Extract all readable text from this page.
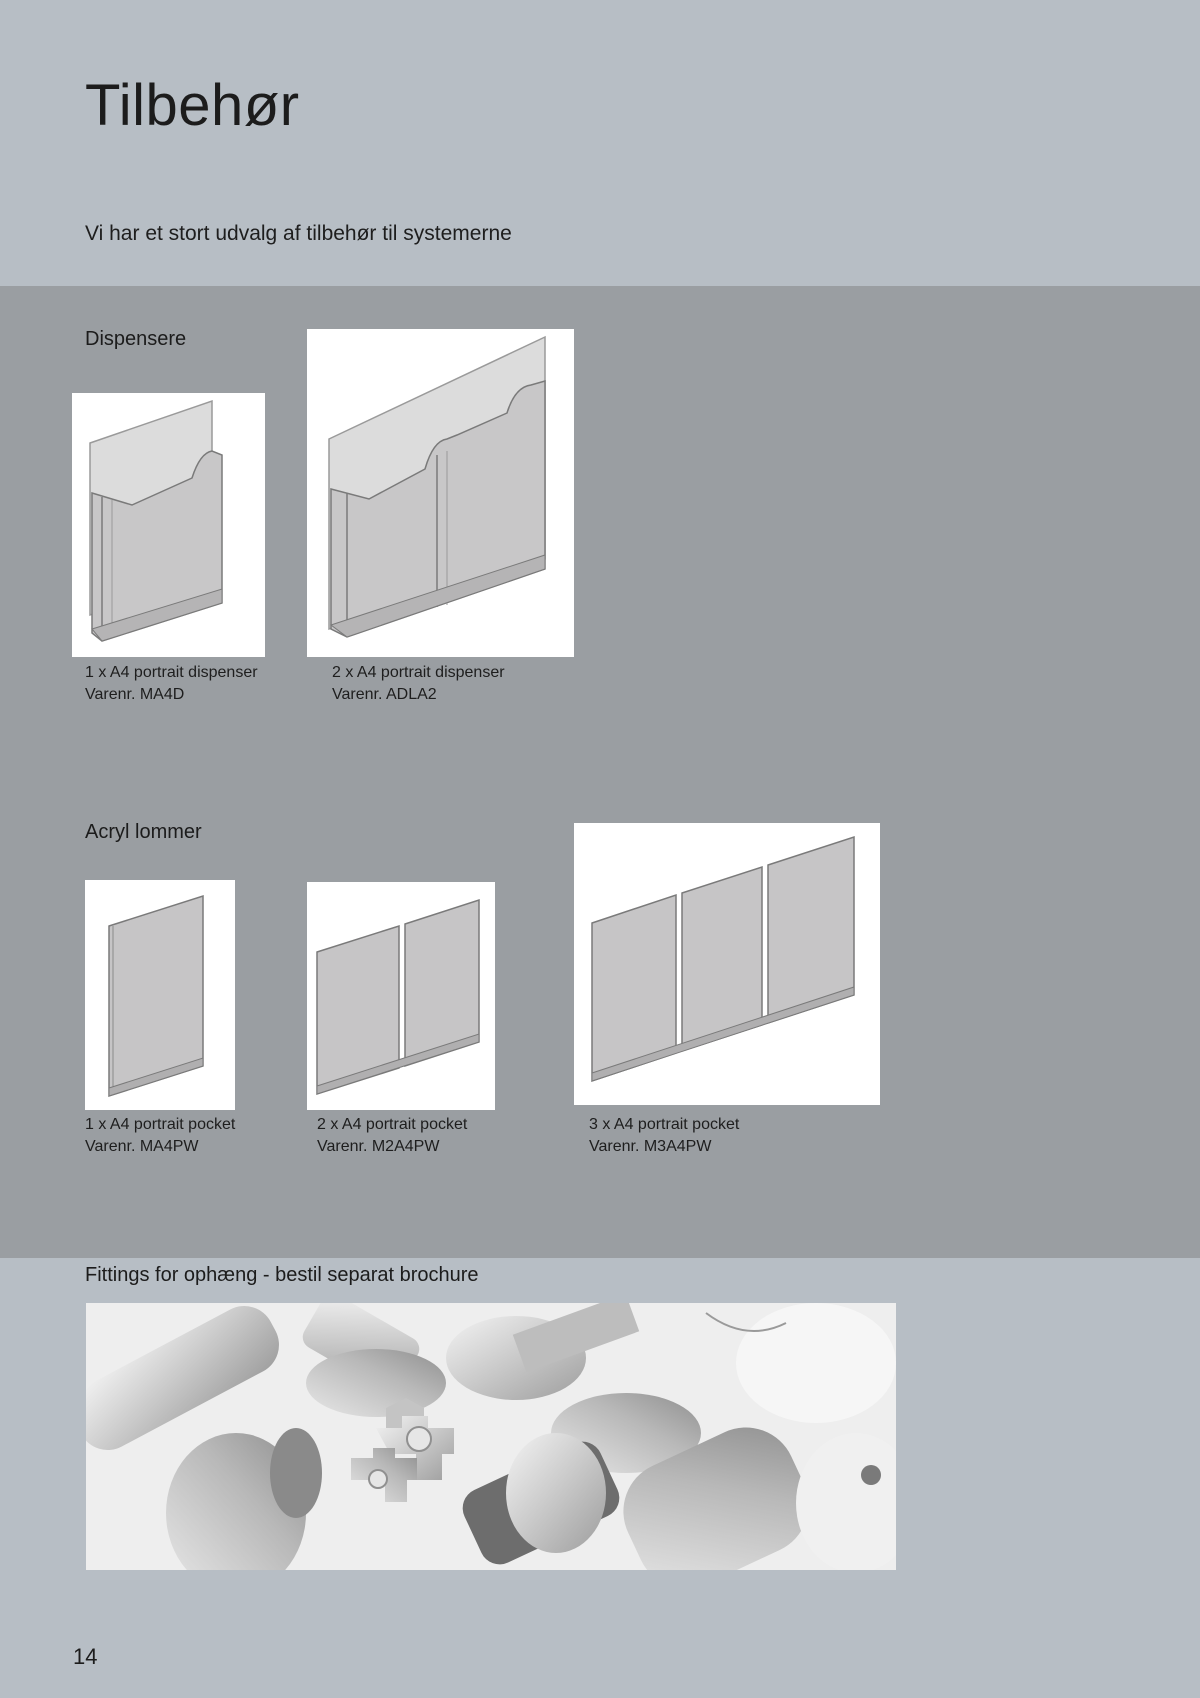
Tilbehør
Vi har et stort udvalg af tilbehør til systemerne
Dispensere
1 x A4 portrait dispenser
Varenr. MA4D
2 x A4 portrait dispenser
Varenr. ADLA2
Acryl lommer
1 x A4 portrait pocket
Varenr. MA4PW
2 x A4 portrait pocket
Varenr. M2A4PW
3 x A4 portrait pocket
Varenr. M3A4PW
Fittings for ophæng - bestil separat brochure
14
